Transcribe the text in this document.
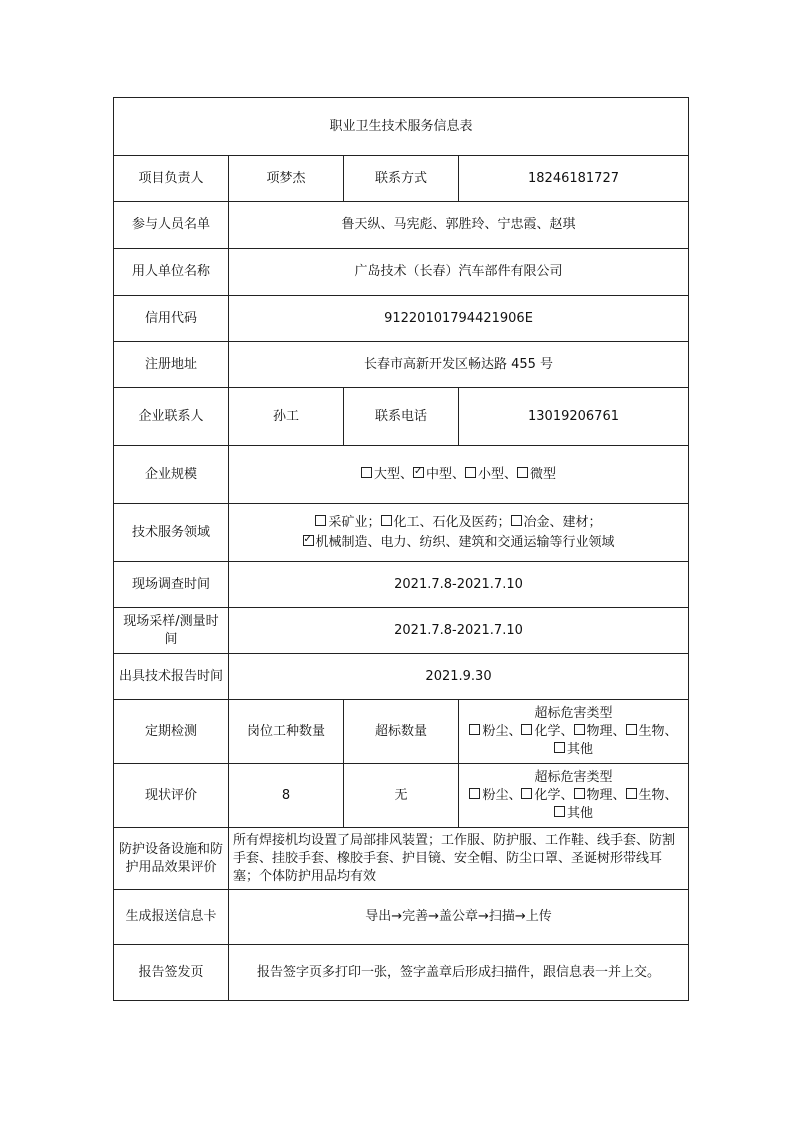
职业卫生技术服务信息表			
项目负责人	项梦杰	联系方式	18246181727
参与人员名单	鲁天纵、马宪彪、郭胜玲、宁忠霞、赵琪		
用人单位名称	广岛技术（长春）汽车部件有限公司		
信用代码	91220101794421906E		
注册地址	长春市高新开发区畅达路 455 号		
企业联系人	孙工	联系电话	13019206761
企业规模	大型、 ✓ 中型、 小型、 微型
技术服务领域	采矿业； 化工、石化及医药； 冶金、建材；
✓机械制造、电力、纺织、建筑和交通运输等行业领域

现场调查时间	2021.7.8-2021.7.10		
现场采样/测量时间	2021.7.8-2021.7.10		
出具技术报告时间	2021.9.30		
定期检测	岗位工种数量	超标数量	超标危害类型
粉尘、 化学、 物理、 生物、其他

现状评价	8	无	超标危害类型
粉尘、 化学、 物理、 生物、其他

防护设备设施和防护用品效果评价	所有焊接机均设置了局部排风装置；工作服、防护服、工作鞋、线手套、防割手套、挂胶手套、橡胶手套、护目镜、安全帽、防尘口罩、圣诞树形带线耳塞；个体防护用品均有效		
生成报送信息卡	导出→完善→盖公章→扫描→上传		
报告签发页	报告签字页多打印一张，签字盖章后形成扫描件，跟信息表一并上交。		
